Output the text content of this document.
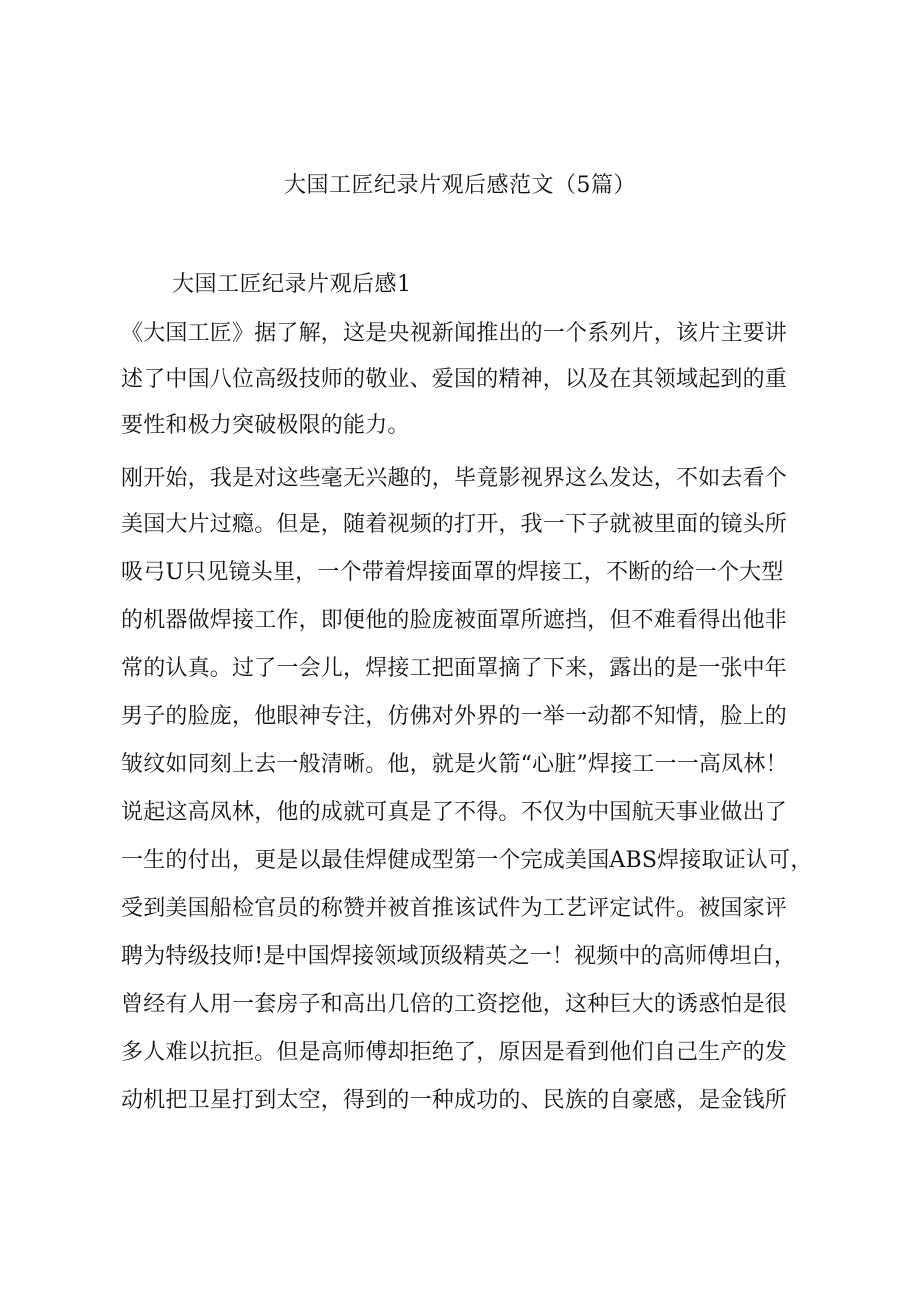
大国工匠纪录片观后感范文（5篇）
大国工匠纪录片观后感1
《大国工匠》据了解，这是央视新闻推出的一个系列片，该片主要讲
述了中国八位高级技师的敬业、爱国的精神，以及在其领域起到的重
要性和极力突破极限的能力。
刚开始，我是对这些毫无兴趣的，毕竟影视界这么发达，不如去看个
美国大片过瘾。但是，随着视频的打开，我一下子就被里面的镜头所
吸弓U只见镜头里，一个带着焊接面罩的焊接工，不断的给一个大型
的机器做焊接工作，即便他的脸庞被面罩所遮挡，但不难看得出他非
常的认真。过了一会儿，焊接工把面罩摘了下来，露出的是一张中年
男子的脸庞，他眼神专注，仿佛对外界的一举一动都不知情，脸上的
皱纹如同刻上去一般清晰。他，就是火箭“心脏”焊接工一一高凤林！
说起这高凤林，他的成就可真是了不得。不仅为中国航天事业做出了
一生的付出，更是以最佳焊健成型第一个完成美国ABS焊接取证认可，
受到美国船检官员的称赞并被首推该试件为工艺评定试件。被国家评
聘为特级技师!是中国焊接领域顶级精英之一！视频中的高师傅坦白，
曾经有人用一套房子和高出几倍的工资挖他，这种巨大的诱惑怕是很
多人难以抗拒。但是高师傅却拒绝了，原因是看到他们自己生产的发
动机把卫星打到太空，得到的一种成功的、民族的自豪感，是金钱所
